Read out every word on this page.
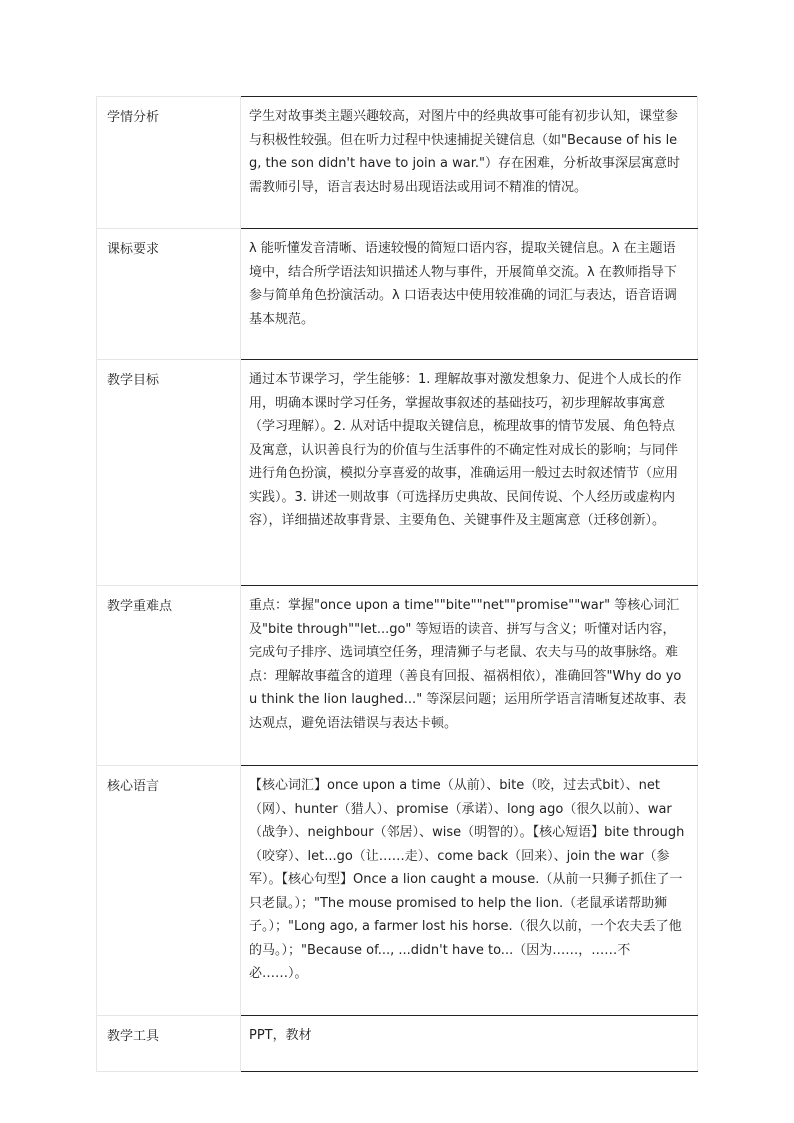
学情分析	学生对故事类主题兴趣较高，对图片中的经典故事可能有初步认知，课堂参与积极性较强。但在听力过程中快速捕捉关键信息（如"Because of his leg, the son didn't have to join a war."）存在困难，分析故事深层寓意时需教师引导，语言表达时易出现语法或用词不精准的情况。

课标要求	λ 能听懂发音清晰、语速较慢的简短口语内容，提取关键信息。λ 在主题语境中，结合所学语法知识描述人物与事件，开展简单交流。λ 在教师指导下参与简单角色扮演活动。λ 口语表达中使用较准确的词汇与表达，语音语调基本规范。

教学目标	通过本节课学习，学生能够：1. 理解故事对激发想象力、促进个人成长的作用，明确本课时学习任务，掌握故事叙述的基础技巧，初步理解故事寓意（学习理解）。2. 从对话中提取关键信息，梳理故事的情节发展、角色特点及寓意，认识善良行为的价值与生活事件的不确定性对成长的影响；与同伴进行角色扮演，模拟分享喜爱的故事，准确运用一般过去时叙述情节（应用实践）。3. 讲述一则故事（可选择历史典故、民间传说、个人经历或虚构内容），详细描述故事背景、主要角色、关键事件及主题寓意（迁移创新）。

教学重难点	重点：掌握"once upon a time""bite""net""promise""war" 等核心词汇及"bite through""let...go" 等短语的读音、拼写与含义；听懂对话内容，完成句子排序、选词填空任务，理清狮子与老鼠、农夫与马的故事脉络。难点：理解故事蕴含的道理（善良有回报、福祸相依），准确回答"Why do you think the lion laughed..." 等深层问题；运用所学语言清晰复述故事、表达观点，避免语法错误与表达卡顿。

核心语言	【核心词汇】once upon a time（从前）、bite（咬，过去式bit）、net（网）、hunter（猎人）、promise（承诺）、long ago（很久以前）、war（战争）、neighbour（邻居）、wise（明智的）。【核心短语】bite through（咬穿）、let...go（让……走）、come back（回来）、join the war（参军）。【核心句型】Once a lion caught a mouse.（从前一只狮子抓住了一只老鼠。）；"The mouse promised to help the lion.（老鼠承诺帮助狮子。）；"Long ago, a farmer lost his horse.（很久以前，一个农夫丢了他的马。）；"Because of..., ...didn't have to...（因为……，……不必……）。

教学工具	PPT，教材
